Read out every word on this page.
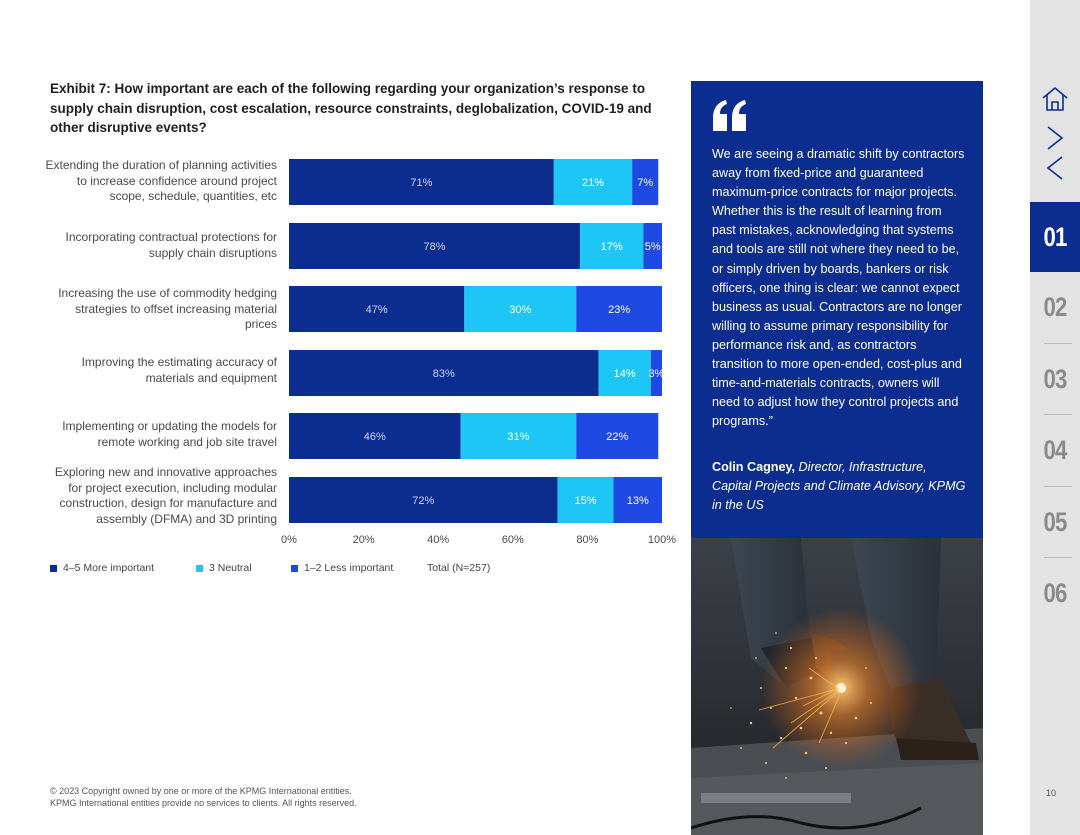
Exhibit 7: How important are each of the following regarding your organization’s response to supply chain disruption, cost escalation, resource constraints, deglobalization, COVID-19 and other disruptive events?
Extending the duration of planning activities to increase confidence around project scope, schedule, quantities, etc
Incorporating contractual protections for supply chain disruptions
Increasing the use of commodity hedging strategies to offset increasing material prices
Improving the estimating accuracy of materials and equipment
Implementing or updating the models for remote working and job site travel
Exploring new and innovative approaches for project execution, including modular construction, design for manufacture and assembly (DFMA) and 3D printing
71%	21%	7%
78%	17% 5%
47%	30%	23%
83%	14% 3%
46%	31%	22%
72%	15%	13%
0%	20%	40%	60%	80%	100%
4–5 More important	3 Neutral	1–2 Less important	Total (N=257)
© 2023 Copyright owned by one or more of the KPMG International entities.
KPMG International entities provide no services to clients. All rights reserved.
We are seeing a dramatic shift by contractors away from fixed-price and guaranteed maximum-price contracts for major projects. Whether this is the result of learning from past mistakes, acknowledging that systems and tools are still not where they need to be, or simply driven by boards, bankers or risk officers, one thing is clear: we cannot expect business as usual. Contractors are no longer willing to assume primary responsibility for performance risk and, as contractors transition to more open-ended, cost-plus and time-and-materials contracts, owners will need to adjust how they control projects and programs.”
Colin Cagney, Director, Infrastructure, Capital Projects and Climate Advisory, KPMG in the US
01
02
03
04
05
06
10
